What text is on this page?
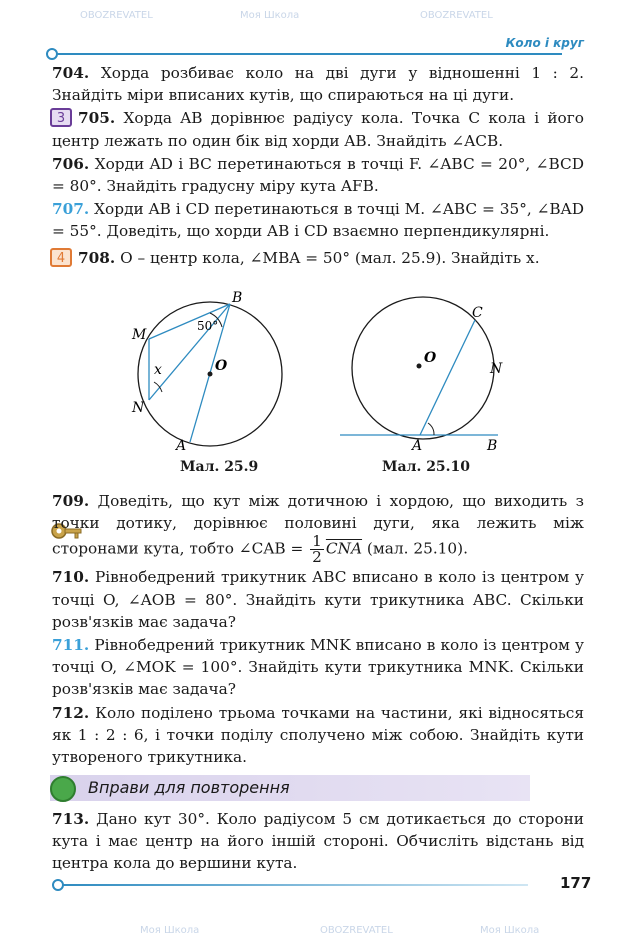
OBOZREVATEL	Моя Школа	OBOZREVATEL
Моя Школа	OBOZREVATEL	Моя Школа
Коло і круг
704. Хорда розбиває коло на дві дуги у відношенні 1 : 2. Знайдіть міри вписаних кутів, що спираються на ці дуги.
3 705. Хорда AB дорівнює радіусу кола. Точка C кола і його центр лежать по один бік від хорди AB. Знайдіть ∠ACB.
706. Хорди AD і BC перетинаються в точці F. ∠ABC = 20°, ∠BCD = 80°. Знайдіть градусну міру кута AFB.
707. Хорди AB і CD перетинаються в точці M. ∠ABC = 35°, ∠BAD = 55°. Доведіть, що хорди AB і CD взаємно перпендикулярні.
4 708. O – центр кола, ∠MBA = 50° (мал. 25.9). Знайдіть x.
B
M
N
A
O
x
50°
C
O
N
A	B
Мал. 25.9	Мал. 25.10
709. Доведіть, що кут між дотичною і хордою, що виходить з точки дотику, дорівнює половині дуги, яка лежить між сторонами кута, тобто ∠CAB = $\frac{1}{2} \overline{CNA}$ (мал. 25.10).
710. Рівнобедрений трикутник ABC вписано в коло із центром у точці O, ∠AOB = 80°. Знайдіть кути трикутника ABC. Скільки розв'язків має задача?
711. Рівнобедрений трикутник MNK вписано в коло із центром у точці O, ∠MOK = 100°. Знайдіть кути трикутника MNK. Скільки розв'язків має задача?
712. Коло поділено трьома точками на частини, які відносяться як 1 : 2 : 6, і точки поділу сполучено між собою. Знайдіть кути утвореного трикутника.
Вправи для повторення
713. Дано кут 30°. Коло радіусом 5 см дотикається до сторони кута і має центр на його іншій стороні. Обчисліть відстань від центра кола до вершини кута.
177
